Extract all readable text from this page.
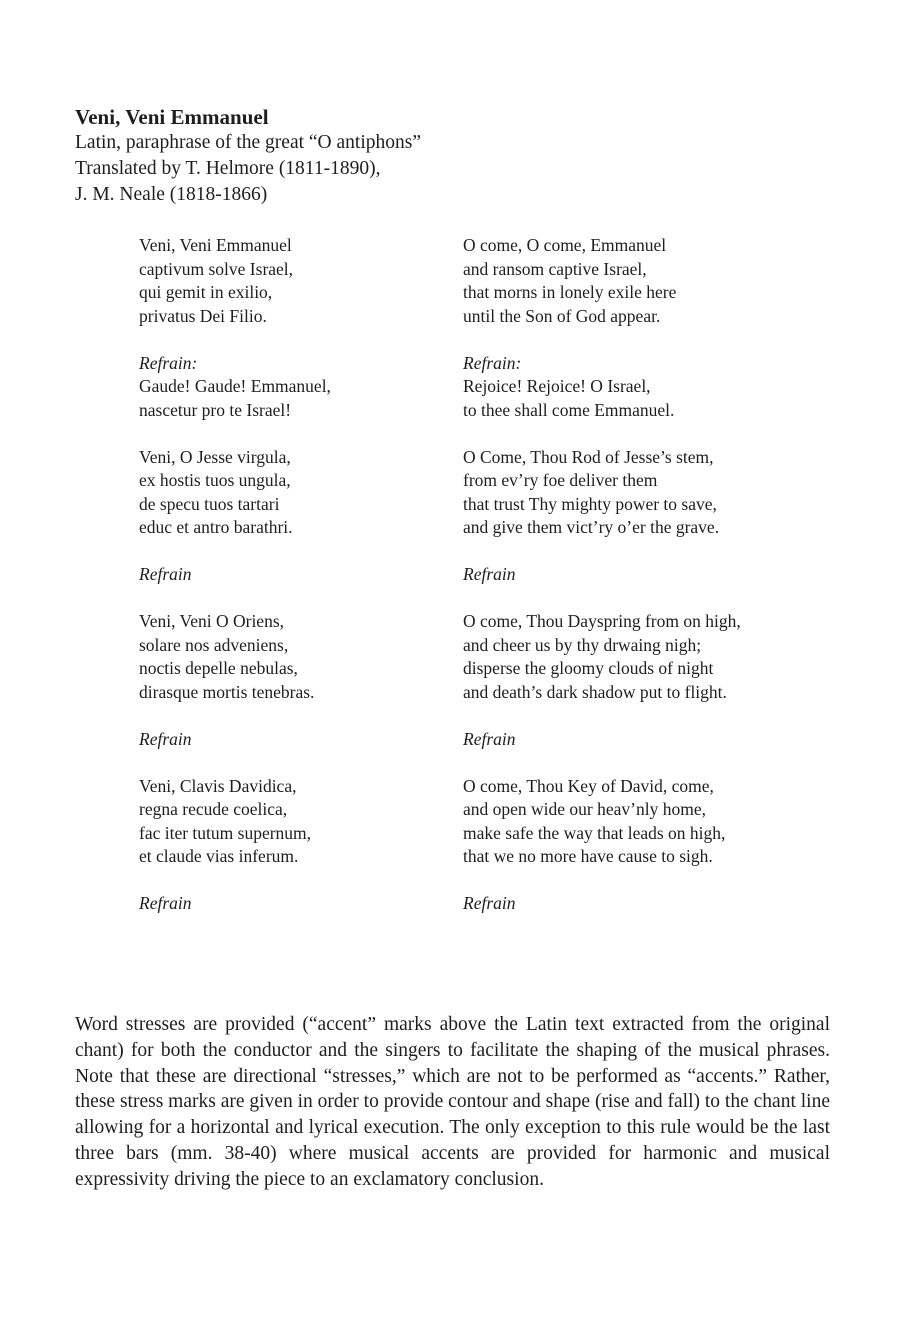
Veni, Veni Emmanuel

Latin, paraphrase of the great “O antiphons”

Translated by T. Helmore (1811-1890),

J. M. Neale (1818-1866)

Veni, Veni Emmanuel
captivum solve Israel,
qui gemit in exilio,
privatus Dei Filio.
Refrain:
Gaude! Gaude! Emmanuel,
nascetur pro te Israel!
Veni, O Jesse virgula,
ex hostis tuos ungula,
de specu tuos tartari
educ et antro barathri.
Refrain
Veni, Veni O Oriens,
solare nos adveniens,
noctis depelle nebulas,
dirasque mortis tenebras.
Refrain
Veni, Clavis Davidica,
regna recude coelica,
fac iter tutum supernum,
et claude vias inferum.
Refrain
O come, O come, Emmanuel
and ransom captive Israel,
that morns in lonely exile here
until the Son of God appear.
Refrain:
Rejoice! Rejoice! O Israel,
to thee shall come Emmanuel.
O Come, Thou Rod of Jesse’s stem,
from ev’ry foe deliver them
that trust Thy mighty power to save,
and give them vict’ry o’er the grave.
Refrain
O come, Thou Dayspring from on high,
and cheer us by thy drwaing nigh;
disperse the gloomy clouds of night
and death’s dark shadow put to flight.
Refrain
O come, Thou Key of David, come,
and open wide our heav’nly home,
make safe the way that leads on high,
that we no more have cause to sigh.
Refrain

Word stresses are provided (“accent” marks above the Latin text extracted from the original chant) for both the conductor and the singers to facilitate the shaping of the musical phrases. Note that these are directional “stresses,” which are not to be performed as “accents.” Rather, these stress marks are given in order to provide contour and shape (rise and fall) to the chant line allowing for a horizontal and lyrical execution. The only exception to this rule would be the last three bars (mm. 38-40) where musical accents are provided for harmonic and musical expressivity driving the piece to an exclamatory conclusion.
